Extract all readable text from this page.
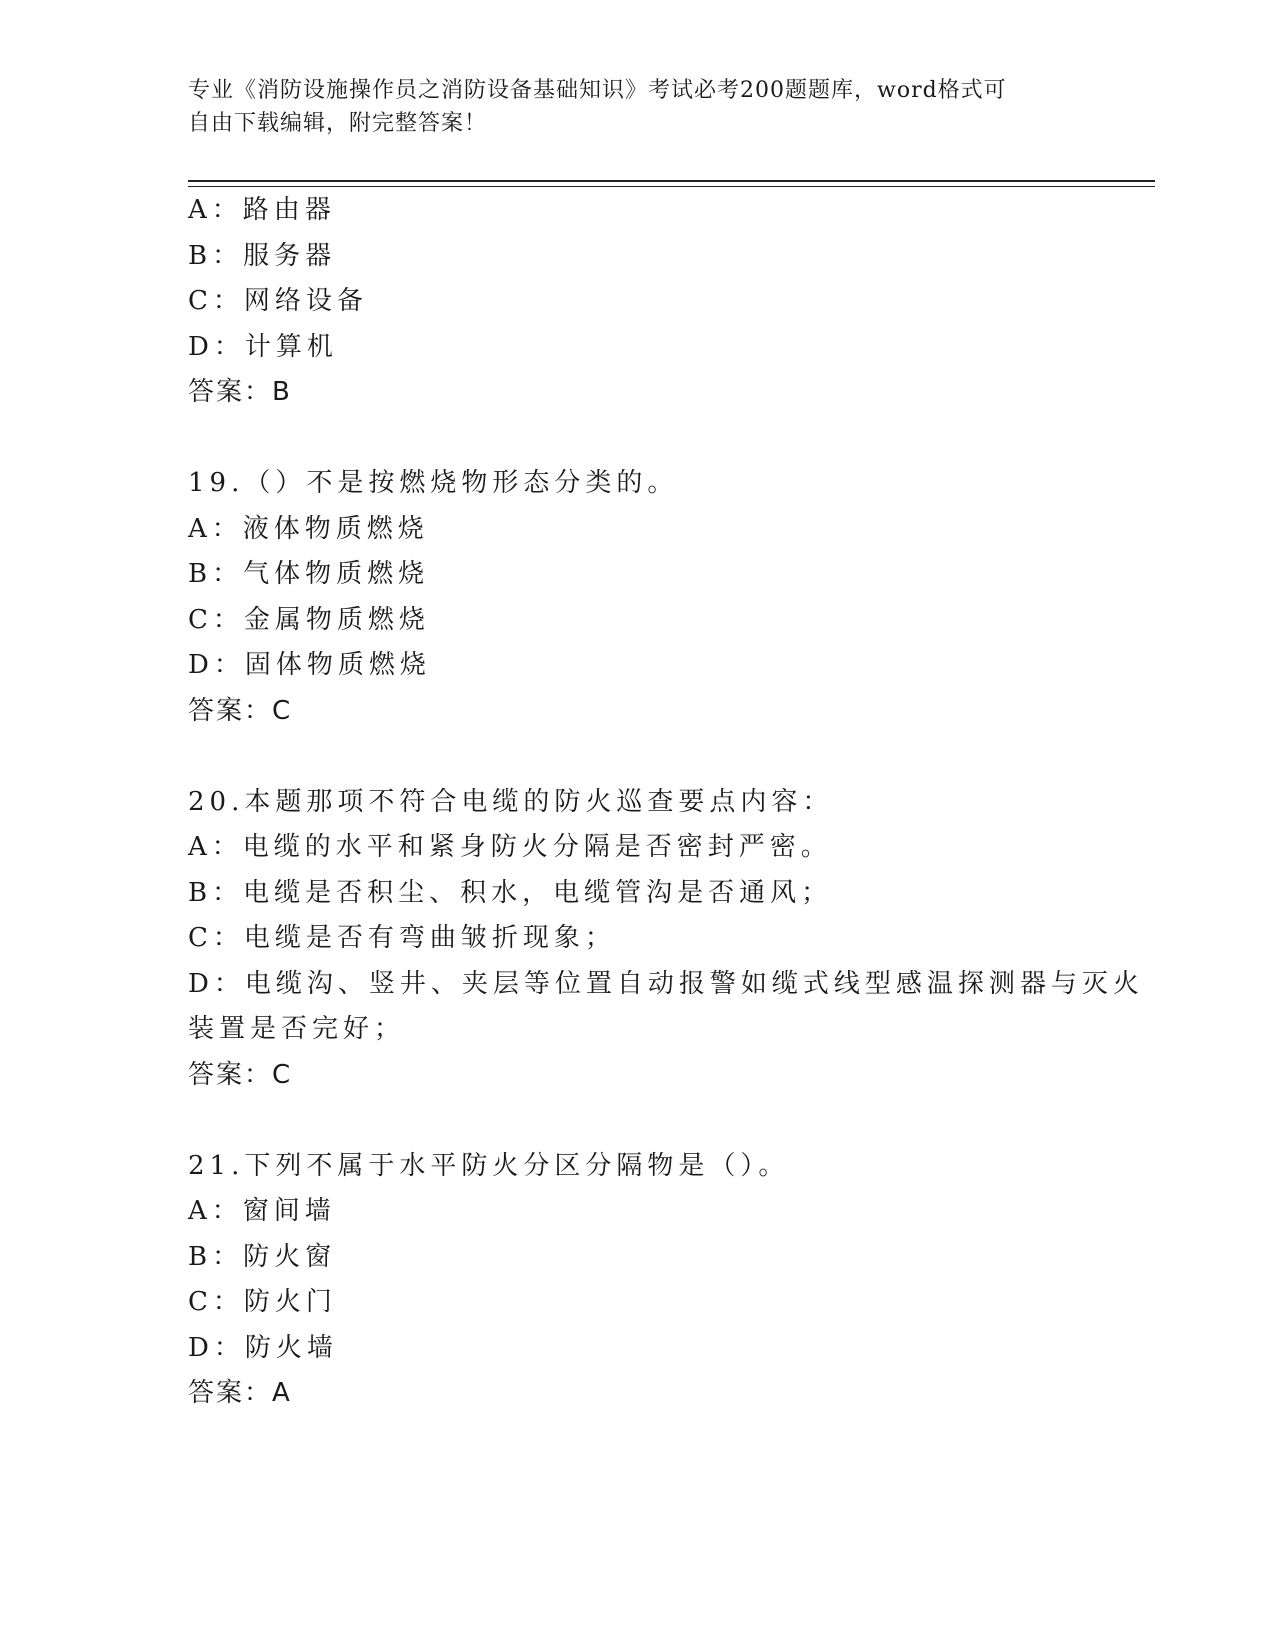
专业《消防设施操作员之消防设备基础知识》考试必考200题题库，word格式可
自由下载编辑，附完整答案！
A：路由器
B：服务器
C：网络设备
D：计算机
答案：B
19.（）不是按燃烧物形态分类的。
A：液体物质燃烧
B：气体物质燃烧
C：金属物质燃烧
D：固体物质燃烧
答案：C
20.本题那项不符合电缆的防火巡查要点内容：
A：电缆的水平和紧身防火分隔是否密封严密。
B：电缆是否积尘、积水，电缆管沟是否通风；
C：电缆是否有弯曲皱折现象；
D：电缆沟、竖井、夹层等位置自动报警如缆式线型感温探测器与灭火
装置是否完好；
答案：C
21.下列不属于水平防火分区分隔物是（）。
A：窗间墙
B：防火窗
C：防火门
D：防火墙
答案：A
